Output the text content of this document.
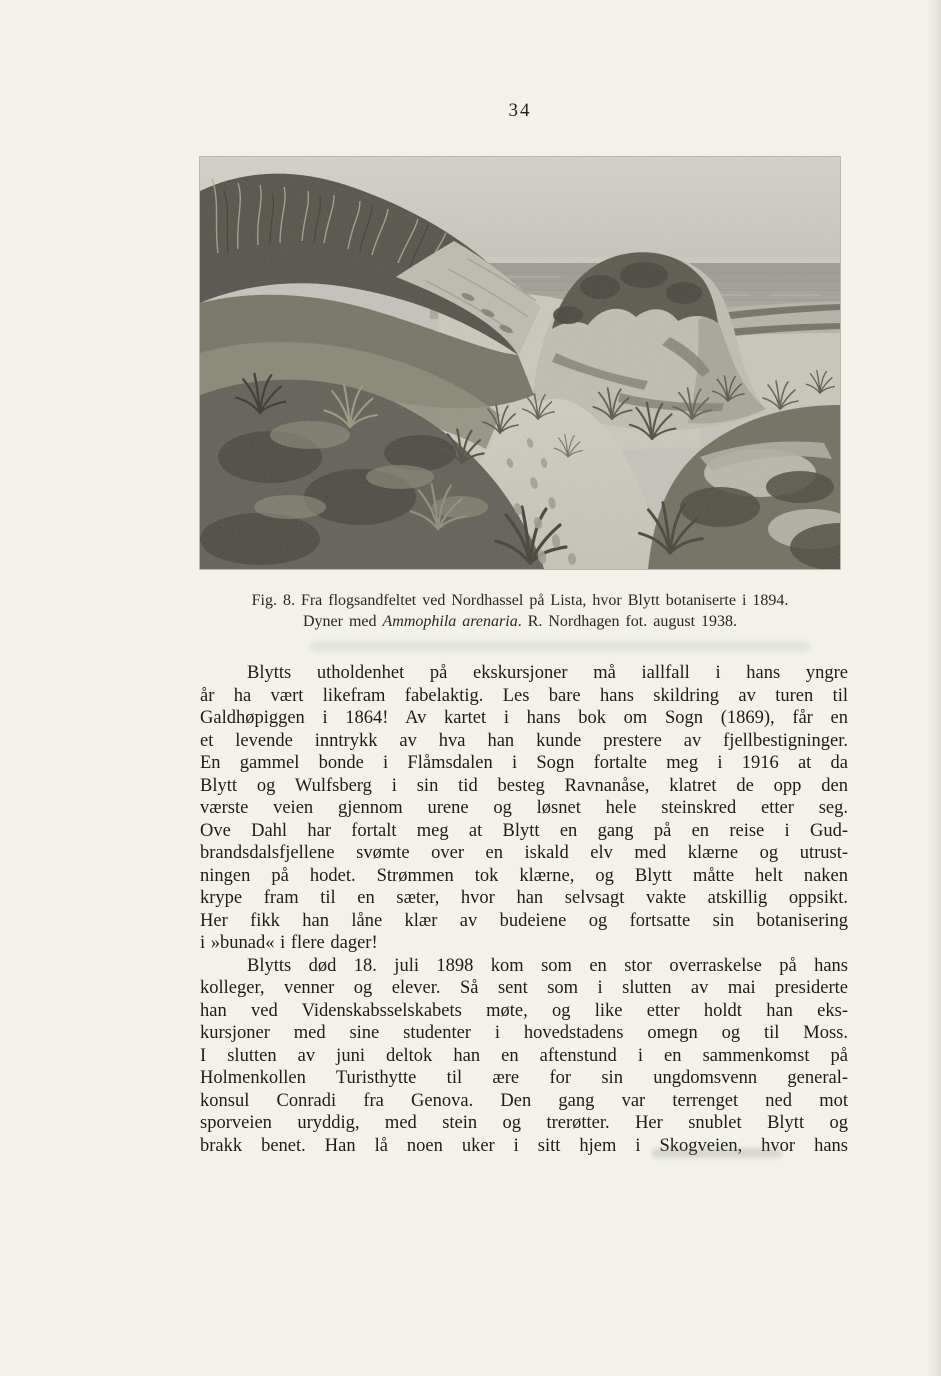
34
Fig. 8. Fra flogsandfeltet ved Nordhassel på Lista, hvor Blytt botaniserte i 1894.
Dyner med Ammophila arenaria. R. Nordhagen fot. august 1938.
Blytts utholdenhet på ekskursjoner må iallfall i hans yngre
år ha vært likefram fabelaktig. Les bare hans skildring av turen til
Galdhøpiggen i 1864! Av kartet i hans bok om Sogn (1869), får en
et levende inntrykk av hva han kunde prestere av fjellbestigninger.
En gammel bonde i Flåmsdalen i Sogn fortalte meg i 1916 at da
Blytt og Wulfsberg i sin tid besteg Ravnanåse, klatret de opp den
værste veien gjennom urene og løsnet hele steinskred etter seg.
Ove Dahl har fortalt meg at Blytt en gang på en reise i Gud-
brandsdalsfjellene svømte over en iskald elv med klærne og utrust-
ningen på hodet. Strømmen tok klærne, og Blytt måtte helt naken
krype fram til en sæter, hvor han selvsagt vakte atskillig oppsikt.
Her fikk han låne klær av budeiene og fortsatte sin botanisering
i »bunad« i flere dager!
Blytts død 18. juli 1898 kom som en stor overraskelse på hans
kolleger, venner og elever. Så sent som i slutten av mai presiderte
han ved Videnskabsselskabets møte, og like etter holdt han eks-
kursjoner med sine studenter i hovedstadens omegn og til Moss.
I slutten av juni deltok han en aftenstund i en sammenkomst på
Holmenkollen Turisthytte til ære for sin ungdomsvenn general-
konsul Conradi fra Genova. Den gang var terrenget ned mot
sporveien uryddig, med stein og trerøtter. Her snublet Blytt og
brakk benet. Han lå noen uker i sitt hjem i Skogveien, hvor hans
